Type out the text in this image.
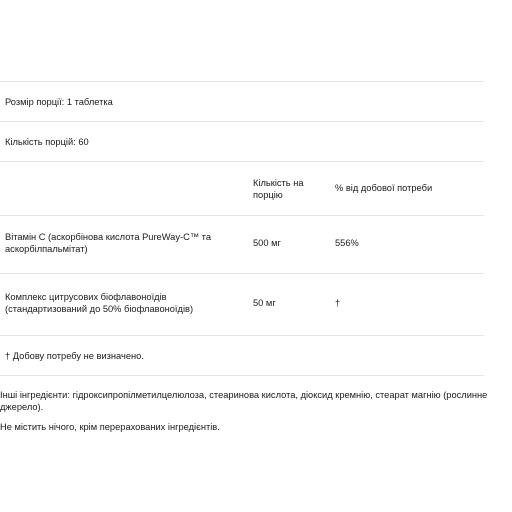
Розмір порції: 1 таблетка
Кількість порцій: 60
Кількість на порцію
% від добової потреби
Вітамін С (аскорбінова кислота PureWay-C™ та аскорбілпальмітат)
500 мг	556%
Комплекс цитрусових біофлавоноїдів (стандартизований до 50% біофлавоноїдів)
50 мг	†
† Добову потребу не визначено.

Інші інгредієнти: гідроксипропілметилцелюлоза, стеаринова кислота, діоксид кремнію, стеарат магнію (рослинне джерело).

Не містить нічого, крім перерахованих інгредієнтів.
